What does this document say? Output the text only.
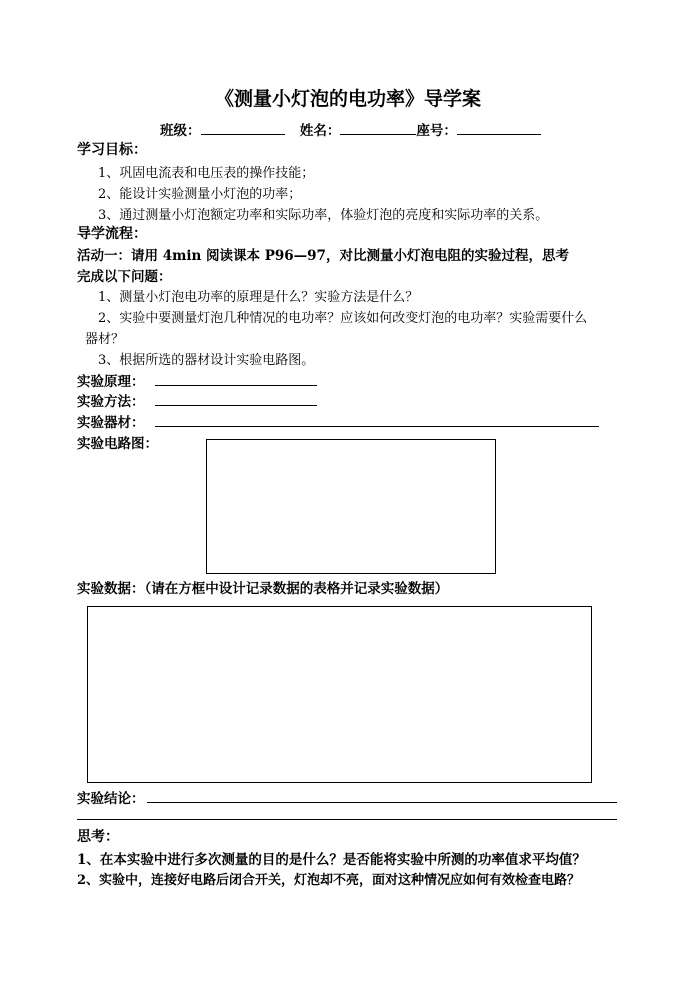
《测量小灯泡的电功率》导学案
班级：	姓名：	座号：
学习目标：
1、巩固电流表和电压表的操作技能；
2、能设计实验测量小灯泡的功率；
3、通过测量小灯泡额定功率和实际功率，体验灯泡的亮度和实际功率的关系。
导学流程：
活动一：请用 4min 阅读课本 P96—97，对比测量小灯泡电阻的实验过程，思考
完成以下问题：
1、测量小灯泡电功率的原理是什么？实验方法是什么？
2、实验中要测量灯泡几种情况的电功率？应该如何改变灯泡的电功率？实验需要什么
器材？
3、根据所选的器材设计实验电路图。
实验原理：
实验方法：
实验器材：
实验电路图：
实验数据：（请在方框中设计记录数据的表格并记录实验数据）
实验结论：
思考：
1、在本实验中进行多次测量的目的是什么？是否能将实验中所测的功率值求平均值？
2、实验中，连接好电路后闭合开关，灯泡却不亮，面对这种情况应如何有效检查电路？
